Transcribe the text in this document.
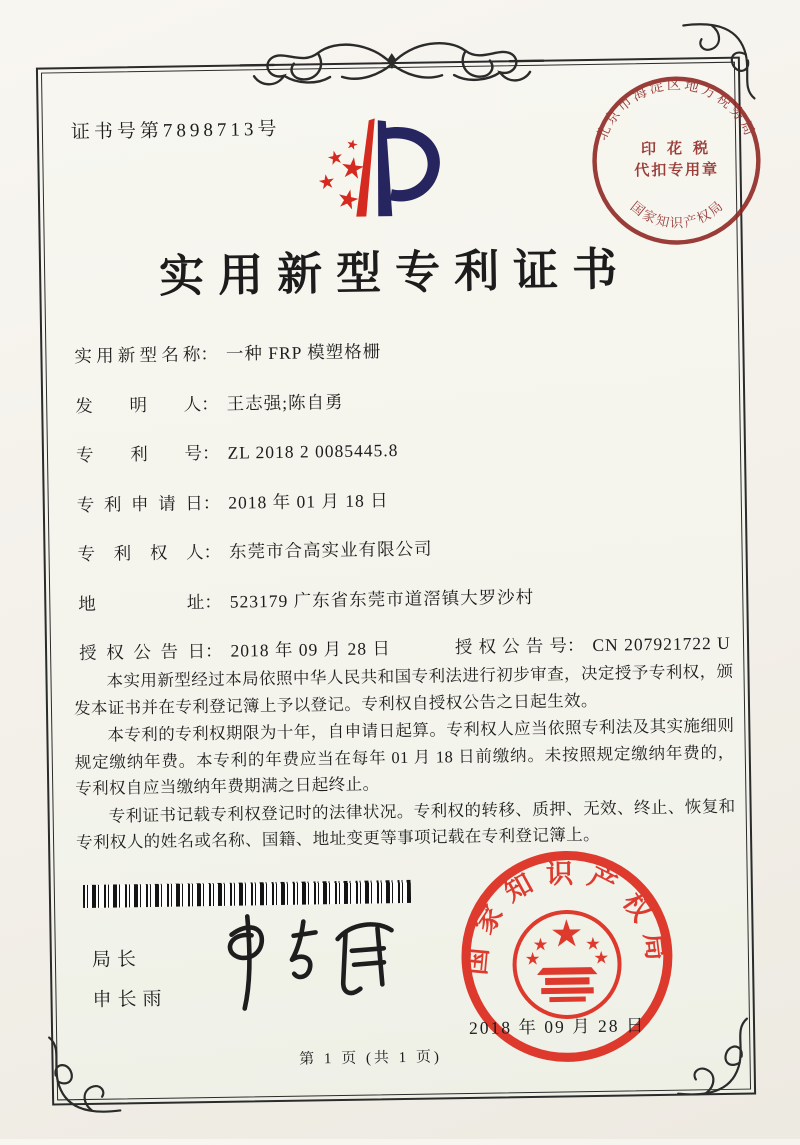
证书号第7898713号	北京市海淀区地方税务局
国家知识产权局
印 花 税
代扣专用章
实用新型专利证书
实用新型名称： 一种 FRP 模塑格栅
发明人： 王志强;陈自勇
专利号： ZL 2018 2 0085445.8
专利申请日： 2018 年 01 月 18 日
专利权人： 东莞市合高实业有限公司
地址： 523179 广东省东莞市道滘镇大罗沙村
授权公告日： 2018 年 09 月 28 日	授权公告号： CN 207921722 U

本实用新型经过本局依照中华人民共和国专利法进行初步审查，决定授予专利权，颁发本证书并在专利登记簿上予以登记。专利权自授权公告之日起生效。

本专利的专利权期限为十年，自申请日起算。专利权人应当依照专利法及其实施细则规定缴纳年费。本专利的年费应当在每年 01 月 18 日前缴纳。未按照规定缴纳年费的，专利权自应当缴纳年费期满之日起终止。

专利证书记载专利权登记时的法律状况。专利权的转移、质押、无效、终止、恢复和专利权人的姓名或名称、国籍、地址变更等事项记载在专利登记簿上。

局长
申长雨
国家知识产权局
2018 年 09 月 28 日
第 1 页 (共 1 页)
